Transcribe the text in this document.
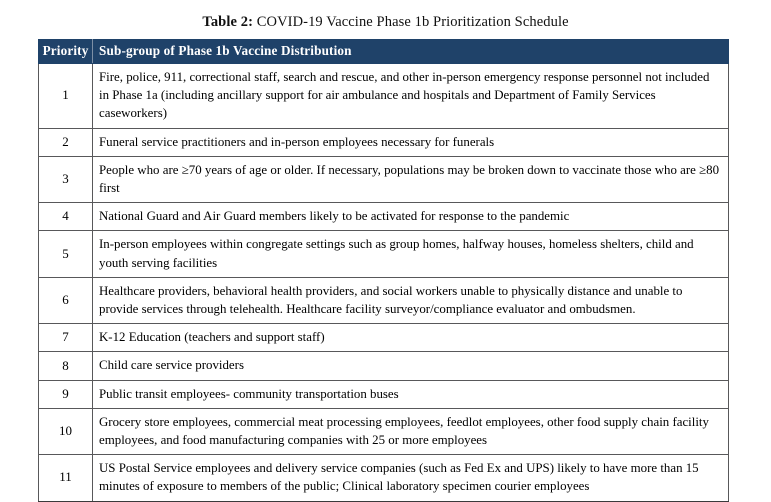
Table 2: COVID-19 Vaccine Phase 1b Prioritization Schedule
Priority	Sub-group of Phase 1b Vaccine Distribution
1	Fire, police, 911, correctional staff, search and rescue, and other in-person emergency response personnel not included in Phase 1a (including ancillary support for air ambulance and hospitals and Department of Family Services caseworkers)
2	Funeral service practitioners and in-person employees necessary for funerals
3	People who are ≥70 years of age or older. If necessary, populations may be broken down to vaccinate those who are ≥80 first
4	National Guard and Air Guard members likely to be activated for response to the pandemic
5	In-person employees within congregate settings such as group homes, halfway houses, homeless shelters, child and youth serving facilities
6	Healthcare providers, behavioral health providers, and social workers unable to physically distance and unable to provide services through telehealth. Healthcare facility surveyor/compliance evaluator and ombudsmen.
7	K-12 Education (teachers and support staff)
8	Child care service providers
9	Public transit employees- community transportation buses
10	Grocery store employees, commercial meat processing employees, feedlot employees, other food supply chain facility employees, and food manufacturing companies with 25 or more employees
11	US Postal Service employees and delivery service companies (such as Fed Ex and UPS) likely to have more than 15 minutes of exposure to members of the public; Clinical laboratory specimen courier employees
